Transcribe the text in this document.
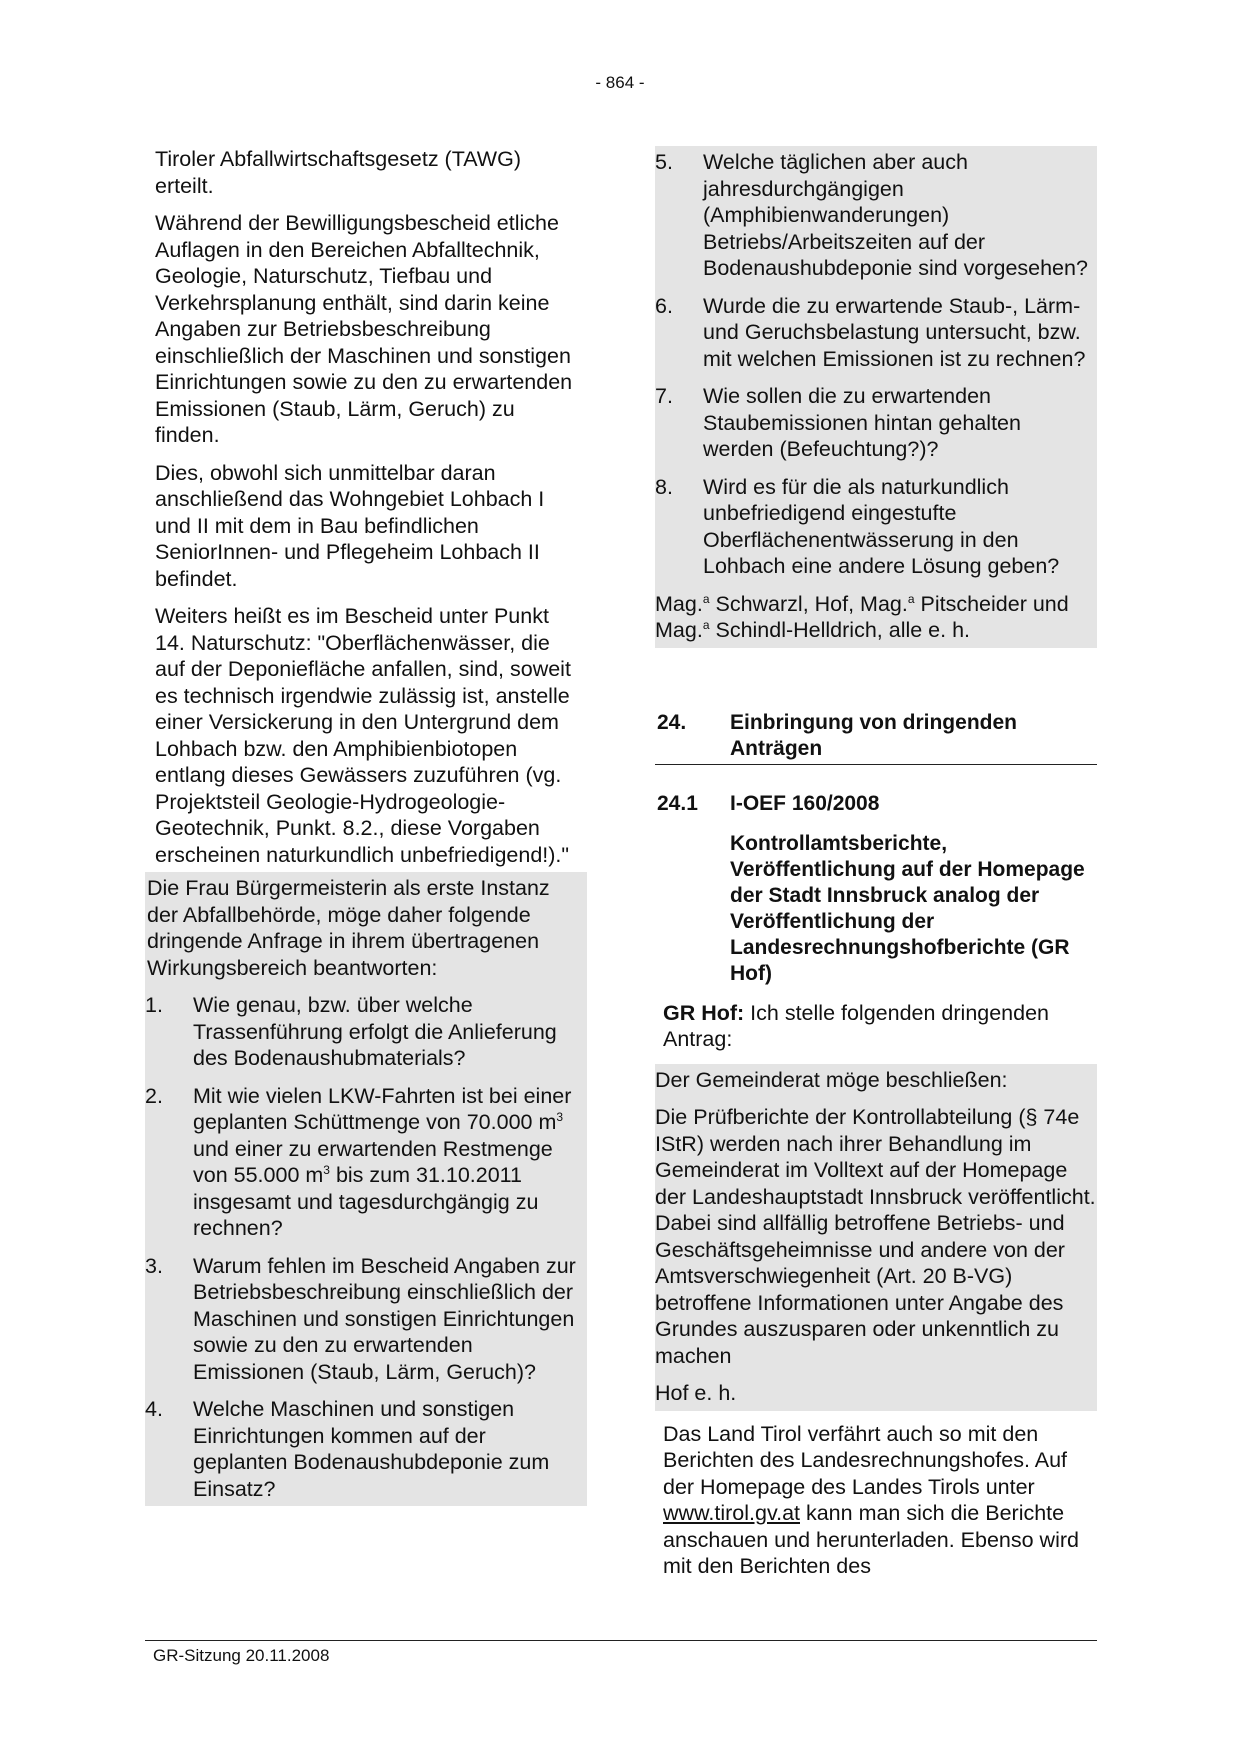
- 864 -

Tiroler Abfallwirtschaftsgesetz (TAWG) erteilt.

Während der Bewilligungsbescheid etliche Auflagen in den Bereichen Abfalltechnik, Geologie, Naturschutz, Tiefbau und Verkehrsplanung enthält, sind darin keine Angaben zur Betriebsbeschreibung einschließlich der Maschinen und sonstigen Einrichtungen sowie zu den zu erwartenden Emissionen (Staub, Lärm, Geruch) zu finden.

Dies, obwohl sich unmittelbar daran anschließend das Wohngebiet Lohbach I und II mit dem in Bau befindlichen SeniorInnen- und Pflegeheim Lohbach II befindet.

Weiters heißt es im Bescheid unter Punkt 14. Naturschutz: "Oberflächenwässer, die auf der Deponiefläche anfallen, sind, soweit es technisch irgendwie zulässig ist, anstelle einer Versickerung in den Untergrund dem Lohbach bzw. den Amphibienbiotopen entlang dieses Gewässers zuzuführen (vg. Projektsteil Geologie-Hydrogeologie-Geotechnik, Punkt. 8.2., diese Vorgaben erscheinen naturkundlich unbefriedigend!)."

Die Frau Bürgermeisterin als erste Instanz der Abfallbehörde, möge daher folgende dringende Anfrage in ihrem übertragenen Wirkungsbereich beantworten:

1.	Wie genau, bzw. über welche Trassenführung erfolgt die Anlieferung des Bodenaushubmaterials?
2.	Mit wie vielen LKW-Fahrten ist bei einer geplanten Schüttmenge von 70.000 $m^3$ und einer zu erwartenden Restmenge von 55.000 $m^3$ bis zum 31.10.2011 insgesamt und tagesdurchgängig zu rechnen?
3.	Warum fehlen im Bescheid Angaben zur Betriebsbeschreibung einschließlich der Maschinen und sonstigen Einrichtungen sowie zu den zu erwartenden Emissionen (Staub, Lärm, Geruch)?
4.	Welche Maschinen und sonstigen Einrichtungen kommen auf der geplanten Bodenaushubdeponie zum Einsatz?
5.	Welche täglichen aber auch jahresdurchgängigen (Amphibienwanderungen) Betriebs/Arbeitszeiten auf der Bodenaushubdeponie sind vorgesehen?
6.	Wurde die zu erwartende Staub-, Lärm- und Geruchsbelastung untersucht, bzw. mit welchen Emissionen ist zu rechnen?
7.	Wie sollen die zu erwartenden Staubemissionen hintan gehalten werden (Befeuchtung?)?
8.	Wird es für die als naturkundlich unbefriedigend eingestufte Oberflächenentwässerung in den Lohbach eine andere Lösung geben?

Mag.$^a$ Schwarzl, Hof, Mag.$^a$ Pitscheider und Mag.$^a$ Schindl-Helldrich, alle e. h.

24.	Einbringung von dringenden Anträgen
24.1	I-OEF 160/2008
Kontrollamtsberichte, Veröffentlichung auf der Homepage der Stadt Innsbruck analog der Veröffentlichung der Landesrechnungshofberichte (GR Hof)

GR Hof: Ich stelle folgenden dringenden Antrag:

Der Gemeinderat möge beschließen:

Die Prüfberichte der Kontrollabteilung (§ 74e IStR) werden nach ihrer Behandlung im Gemeinderat im Volltext auf der Homepage der Landeshauptstadt Innsbruck veröffentlicht. Dabei sind allfällig betroffene Betriebs- und Geschäftsgeheimnisse und andere von der Amtsverschwiegenheit (Art. 20 B-VG) betroffene Informationen unter Angabe des Grundes auszusparen oder unkenntlich zu machen

Hof e. h.

Das Land Tirol verfährt auch so mit den Berichten des Landesrechnungshofes. Auf der Homepage des Landes Tirols unter www.tirol.gv.at kann man sich die Berichte anschauen und herunterladen. Ebenso wird mit den Berichten des

GR-Sitzung 20.11.2008
